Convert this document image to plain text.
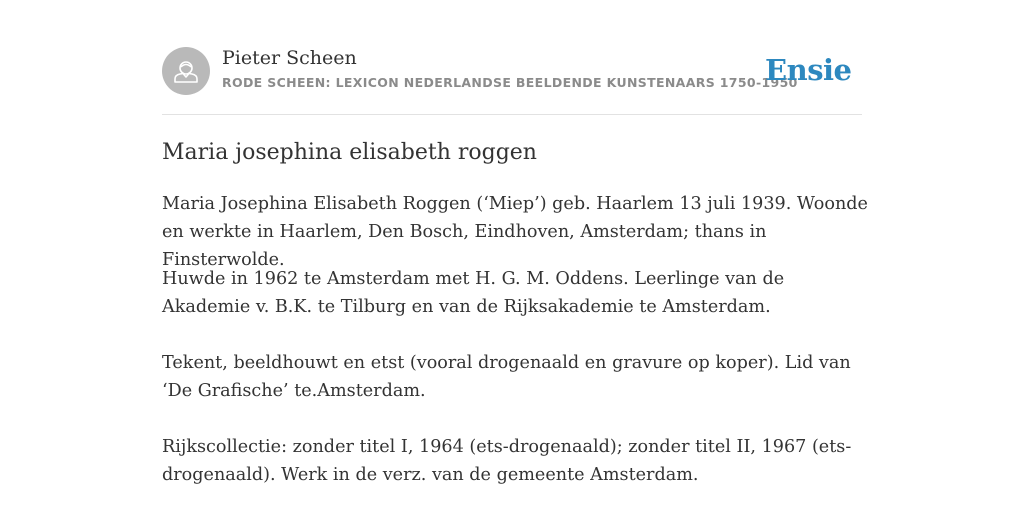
Pieter Scheen
RODE SCHEEN: LEXICON NEDERLANDSE BEELDENDE KUNSTENAARS 1750-1950
Ensie
Maria josephina elisabeth roggen

Maria Josephina Elisabeth Roggen (‘Miep’) geb. Haarlem 13 juli 1939. Woonde en werkte in Haarlem, Den Bosch, Eindhoven, Amsterdam; thans in Finsterwolde.

Huwde in 1962 te Amsterdam met H. G. M. Oddens. Leerlinge van de Akademie v. B.K. te Tilburg en van de Rijksakademie te Amsterdam.

Tekent, beeldhouwt en etst (vooral drogenaald en gravure op koper). Lid van ‘De Grafische’ te.Amsterdam.

Rijkscollectie: zonder titel I, 1964 (ets-drogenaald); zonder titel II, 1967 (ets-drogenaald). Werk in de verz. van de gemeente Amsterdam.
